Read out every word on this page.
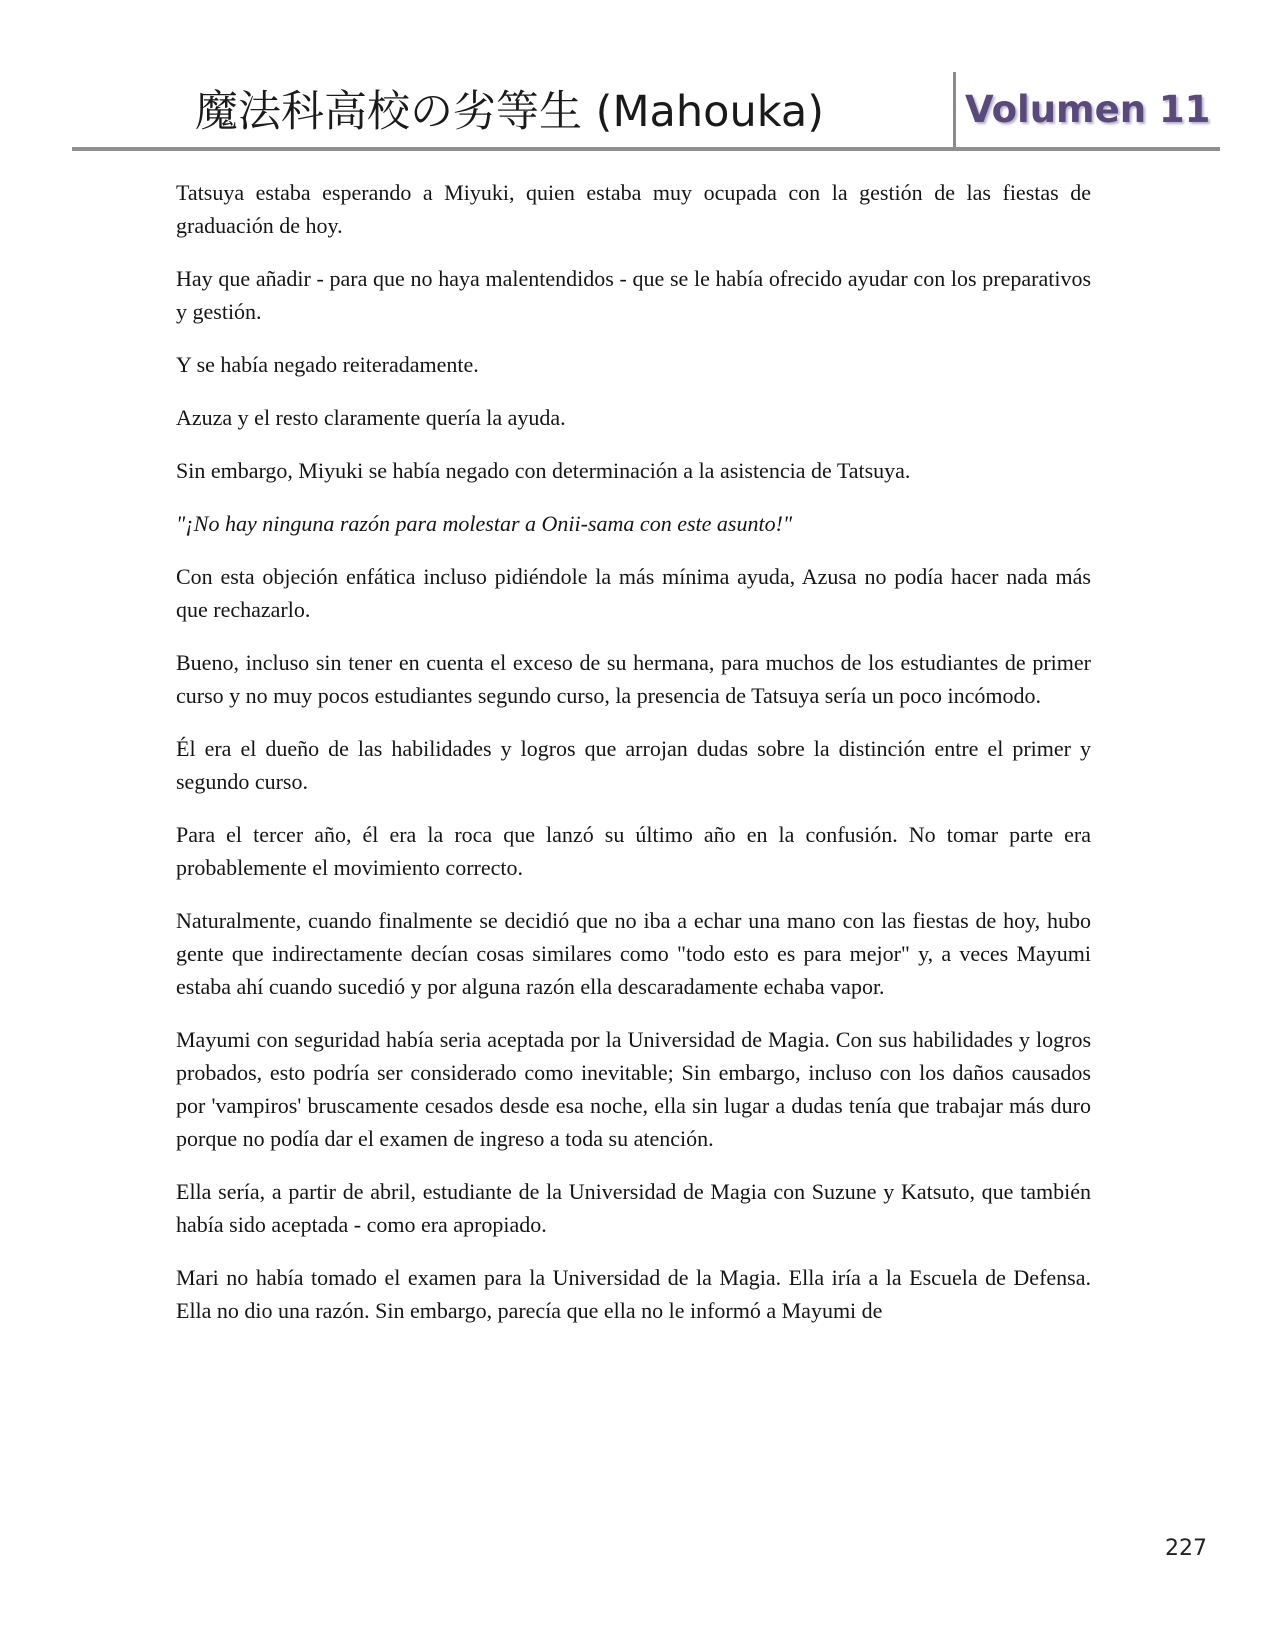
魔法科高校の劣等生 (Mahouka)	Volumen 11

Tatsuya estaba esperando a Miyuki, quien estaba muy ocupada con la gestión de las fiestas de graduación de hoy.

Hay que añadir - para que no haya malentendidos - que se le había ofrecido ayudar con los preparativos y gestión.

Y se había negado reiteradamente.

Azuza y el resto claramente quería la ayuda.

Sin embargo, Miyuki se había negado con determinación a la asistencia de Tatsuya.

"¡No hay ninguna razón para molestar a Onii-sama con este asunto!"

Con esta objeción enfática incluso pidiéndole la más mínima ayuda, Azusa no podía hacer nada más que rechazarlo.

Bueno, incluso sin tener en cuenta el exceso de su hermana, para muchos de los estudiantes de primer curso y no muy pocos estudiantes segundo curso, la presencia de Tatsuya sería un poco incómodo.

Él era el dueño de las habilidades y logros que arrojan dudas sobre la distinción entre el primer y segundo curso.

Para el tercer año, él era la roca que lanzó su último año en la confusión. No tomar parte era probablemente el movimiento correcto.

Naturalmente, cuando finalmente se decidió que no iba a echar una mano con las fiestas de hoy, hubo gente que indirectamente decían cosas similares como "todo esto es para mejor" y, a veces Mayumi estaba ahí cuando sucedió y por alguna razón ella descaradamente echaba vapor.

Mayumi con seguridad había seria aceptada por la Universidad de Magia. Con sus habilidades y logros probados, esto podría ser considerado como inevitable; Sin embargo, incluso con los daños causados por 'vampiros' bruscamente cesados desde esa noche, ella sin lugar a dudas tenía que trabajar más duro porque no podía dar el examen de ingreso a toda su atención.

Ella sería, a partir de abril, estudiante de la Universidad de Magia con Suzune y Katsuto, que también había sido aceptada - como era apropiado.

Mari no había tomado el examen para la Universidad de la Magia. Ella iría a la Escuela de Defensa. Ella no dio una razón. Sin embargo, parecía que ella no le informó a Mayumi de

227
